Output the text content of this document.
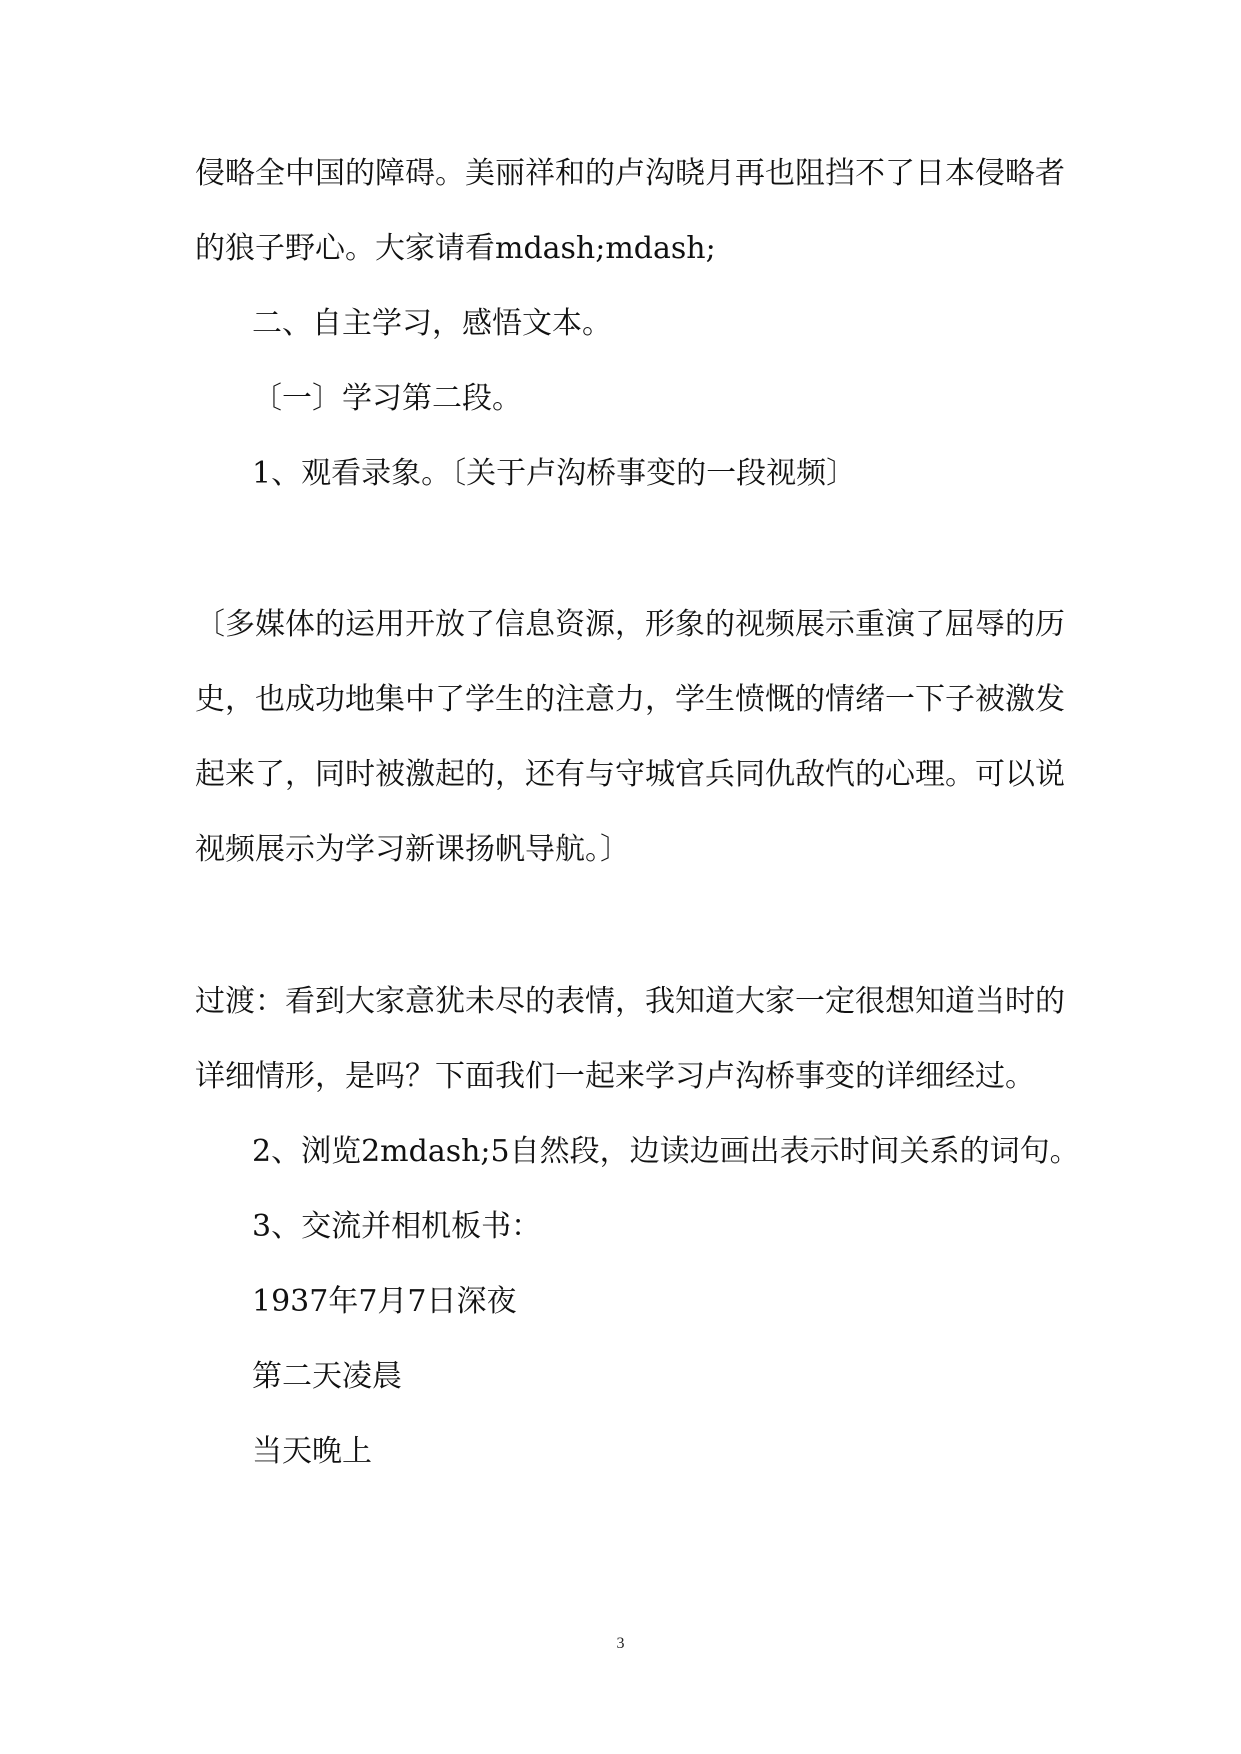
侵略全中国的障碍。美丽祥和的卢沟晓月再也阻挡不了日本侵略者
的狼子野心。大家请看mdash;mdash;
二、自主学习，感悟文本。
〔一〕学习第二段。
1、观看录象。〔关于卢沟桥事变的一段视频〕
〔多媒体的运用开放了信息资源，形象的视频展示重演了屈辱的历
史，也成功地集中了学生的注意力，学生愤慨的情绪一下子被激发
起来了，同时被激起的，还有与守城官兵同仇敌忾的心理。可以说
视频展示为学习新课扬帆导航。〕
过渡：看到大家意犹未尽的表情，我知道大家一定很想知道当时的
详细情形，是吗？下面我们一起来学习卢沟桥事变的详细经过。
2、浏览2mdash;5自然段，边读边画出表示时间关系的词句。
3、交流并相机板书：
1937年7月7日深夜
第二天凌晨
当天晚上
3
